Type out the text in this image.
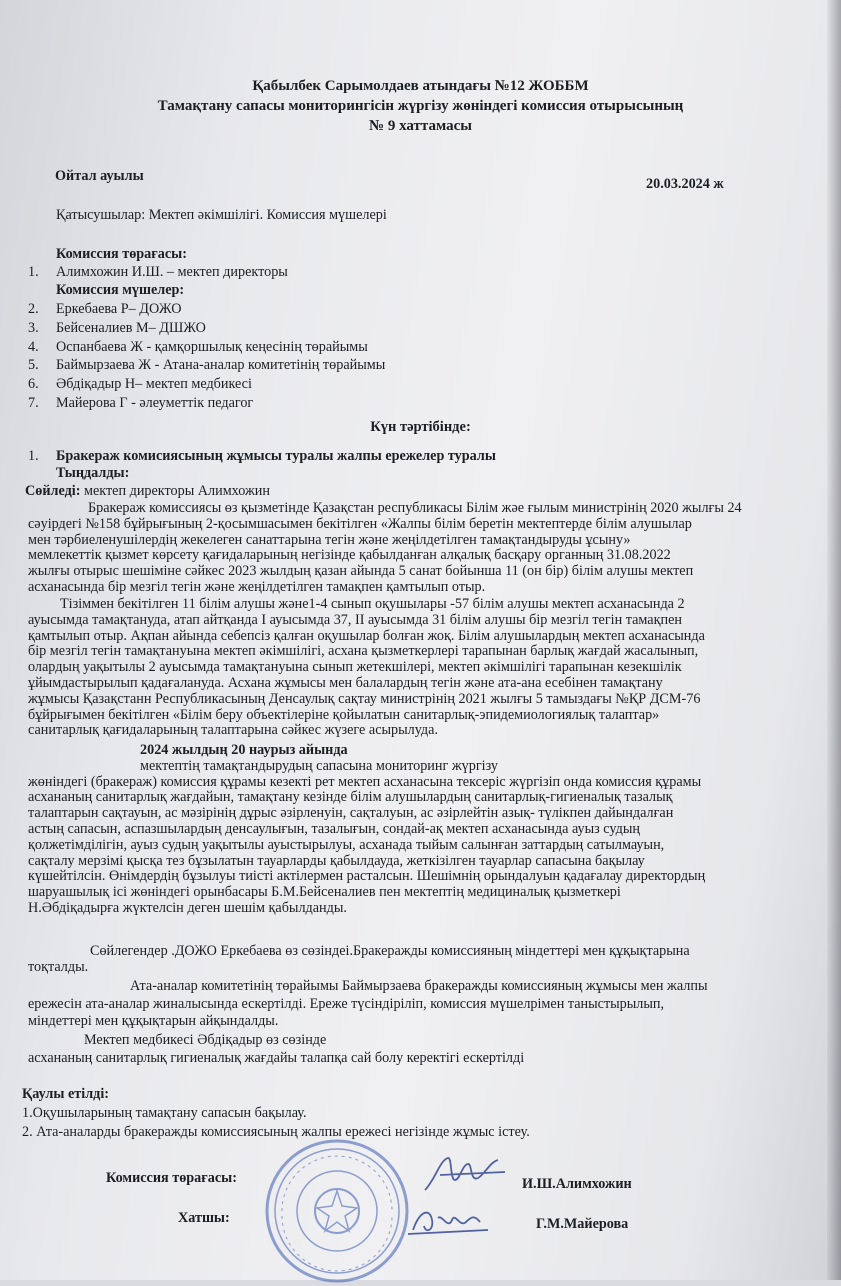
Қабылбек Сарымолдаев атындағы №12 ЖОББМ
Тамақтану сапасы мониторингісін жүргізу жөніндегі комиссия отырысының
№ 9 хаттамасы
Ойтал ауылы	20.03.2024 ж
Қатысушылар: Мектеп әкімшілігі. Комиссия мүшелері
Комиссия төрағасы:
1. Алимхожин И.Ш. – мектеп директоры
Комиссия мүшелер:
2. Еркебаева Р– ДОЖО
3. Бейсеналиев М– ДШЖО
4. Оспанбаева Ж - қамқоршылық кеңесінің төрайымы
5. Баймырзаева Ж - Атана-аналар комитетінің төрайымы
6. Әбдіқадыр Н– мектеп медбикесі
7. Майерова Г - әлеуметтік педагог
Күн тәртібінде:
1. Бракераж комисиясының жұмысы туралы жалпы ережелер туралы
Тыңдалды:
Сөйледі: мектеп директоры Алимхожин
Бракераж комиссиясы өз қызметінде Қазақстан республикасы Білім жәе ғылым министрінің 2020 жылғы 24
сәуірдегі №158 бұйрығының 2-қосымшасымен бекітілген «Жалпы білім беретін мектептерде білім алушылар
мен тәрбиеленушілердің жекелеген санаттарына тегін және жеңілдетілген тамақтандыруды ұсыну»
мемлекеттік қызмет көрсету қағидаларының негізінде қабылданған алқалық басқару органның 31.08.2022
жылғы отырыс шешіміне сәйкес 2023 жылдың қазан айында 5 санат бойынша 11 (он бір) білім алушы мектеп
асханасында бір мезгіл тегін және жеңілдетілген тамақпен қамтылып отыр.
Тізіммен бекітілген 11 білім алушы және1-4 сынып оқушылары -57 білім алушы мектеп асханасында 2
ауысымда тамақтануда, атап айтқанда І ауысымда 37, ІІ ауысымда 31 білім алушы бір мезгіл тегін тамақпен
қамтылып отыр. Ақпан айында себепсіз қалған оқушылар болған жоқ. Білім алушылардың мектеп асханасында
бір мезгіл тегін тамақтануына мектеп әкімшілігі, асхана қызметкерлері тарапынан барлық жағдай жасалынып,
олардың уақытылы 2 ауысымда тамақтануына сынып жетекшілері, мектеп әкімшілігі тарапынан кезекшілік
ұйымдастырылып қадағалануда. Асхана жұмысы мен балалардың тегін және ата-ана есебінен тамақтану
жұмысы Қазақстанн Республикасының Денсаулық сақтау министрінің 2021 жылғы 5 тамыздағы №ҚР ДСМ-76
бұйрығымен бекітілген «Білім беру объектілеріне қойылатын санитарлық-эпидемиологиялық талаптар»
санитарлық қағидаларының талаптарына сәйкес жүзеге асырылуда.
2024 жылдың 20 наурыз айында
мектептің тамақтандырудың сапасына мониторинг жүргізу
жөніндегі (бракераж) комиссия құрамы кезекті рет мектеп асханасына тексеріс жүргізіп онда комиссия құрамы
асхананың санитарлық жағдайын, тамақтану кезінде білім алушылардың санитарлық-гигиеналық тазалық
талаптарын сақтауын, ас мәзірінің дұрыс әзірленуін, сақталуын, ас әзірлейтін азық- түлікпен дайындалған
астың сапасын, аспазшылардың денсаулығын, тазалығын, сондай-ақ мектеп асханасында ауыз судың
қолжетімділігін, ауыз судың уақытылы ауыстырылуы, асханада тыйым салынған заттардың сатылмауын,
сақталу мерзімі қысқа тез бұзылатын тауарларды қабылдауда, жеткізілген тауарлар сапасына бақылау
күшейтілсін. Өнімдердің бұзылуы тиісті актілермен расталсын. Шешімнің орындалуын қадағалау директордың
шаруашылық ісі жөніндегі орынбасары Б.М.Бейсеналиев пен мектептің медициналық қызметкері
Н.Әбдіқадырға жүктелсін деген шешім қабылданды.
Сөйлегендер .ДОЖО Еркебаева өз сөзіндеі.Бракеражды комиссияның міндеттері мен құқықтарына
тоқталды.
Ата-аналар комитетінің төрайымы Баймырзаева бракеражды комиссияның жұмысы мен жалпы
ережесін ата-аналар жиналысында ескертілді. Ереже түсіндіріліп, комиссия мүшелрімен таныстырылып,
міндеттері мен құқықтарын айқындалды.
Мектеп медбикесі Әбдіқадыр өз сөзінде
асхананың санитарлық гигиеналық жағдайы талапқа сай болу керектігі ескертілді
Қаулы етілді:
1.Оқушыларының тамақтану сапасын бақылау.
2. Ата-аналарды бракеражды комиссиясының жалпы ережесі негізінде жұмыс істеу.
Комиссия төрағасы:	И.Ш.Алимхожин
Хатшы:	Г.М.Майерова
